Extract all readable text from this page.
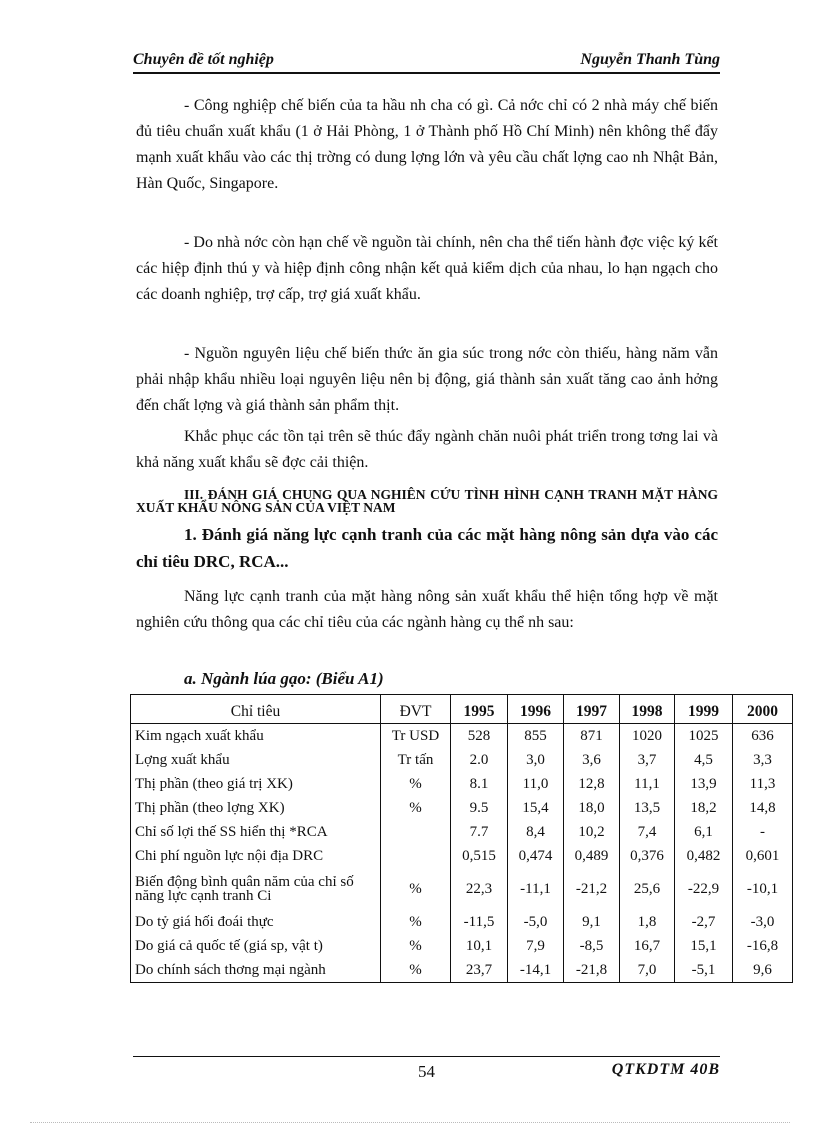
Chuyên đề tốt nghiệp	Nguyễn Thanh Tùng

- Công nghiệp chế biến của ta hầu nh cha có gì. Cả nớc chỉ có 2 nhà máy chế biến đủ tiêu chuẩn xuất khẩu (1 ở Hải Phòng, 1 ở Thành phố Hồ Chí Minh) nên không thể đẩy mạnh xuất khẩu vào các thị trờng có dung lợng lớn và yêu cầu chất lợng cao nh Nhật Bản, Hàn Quốc, Singapore.

- Do nhà nớc còn hạn chế về nguồn tài chính, nên cha thể tiến hành đợc việc ký kết các hiệp định thú y và hiệp định công nhận kết quả kiểm dịch của nhau, lo hạn ngạch cho các doanh nghiệp, trợ cấp, trợ giá xuất khẩu.

- Nguồn nguyên liệu chế biến thức ăn gia súc trong nớc còn thiếu, hàng năm vẫn phải nhập khẩu nhiều loại nguyên liệu nên bị động, giá thành sản xuất tăng cao ảnh hởng đến chất lợng và giá thành sản phẩm thịt.

Khắc phục các tồn tại trên sẽ thúc đẩy ngành chăn nuôi phát triển trong tơng lai và khả năng xuất khẩu sẽ đợc cải thiện.

III. ĐÁNH GIÁ CHUNG QUA NGHIÊN CỨU TÌNH HÌNH CẠNH TRANH MẶT HÀNG XUẤT KHẨU NÔNG SẢN CỦA VIỆT NAM

1. Đánh giá năng lực cạnh tranh của các mặt hàng nông sản dựa vào các chỉ tiêu DRC, RCA...

Năng lực cạnh tranh của mặt hàng nông sản xuất khẩu thể hiện tổng hợp về mặt nghiên cứu thông qua các chỉ tiêu của các ngành hàng cụ thể nh sau:

a. Ngành lúa gạo: (Biểu A1)
Chỉ tiêu	ĐVT	1995	1996	1997	1998	1999	2000
Kim ngạch xuất khẩu	Tr USD	528	855	871	1020	1025	636
Lợng xuất khẩu	Tr tấn	2.0	3,0	3,6	3,7	4,5	3,3
Thị phần (theo giá trị XK)	%	8.1	11,0	12,8	11,1	13,9	11,3
Thị phần (theo lợng XK)	%	9.5	15,4	18,0	13,5	18,2	14,8
Chỉ số lợi thế SS hiển thị *RCA		7.7	8,4	10,2	7,4	6,1	-
Chi phí nguồn lực nội địa DRC		0,515	0,474	0,489	0,376	0,482	0,601
Biến động bình quân năm của chỉ số năng lực cạnh tranh Ci	%	22,3	-11,1	-21,2	25,6	-22,9	-10,1
Do tỷ giá hối đoái thực	%	-11,5	-5,0	9,1	1,8	-2,7	-3,0
Do giá cả quốc tế (giá sp, vật t)	%	10,1	7,9	-8,5	16,7	15,1	-16,8
Do chính sách thơng mại ngành	%	23,7	-14,1	-21,8	7,0	-5,1	9,6
54	QTKDTM 40B
